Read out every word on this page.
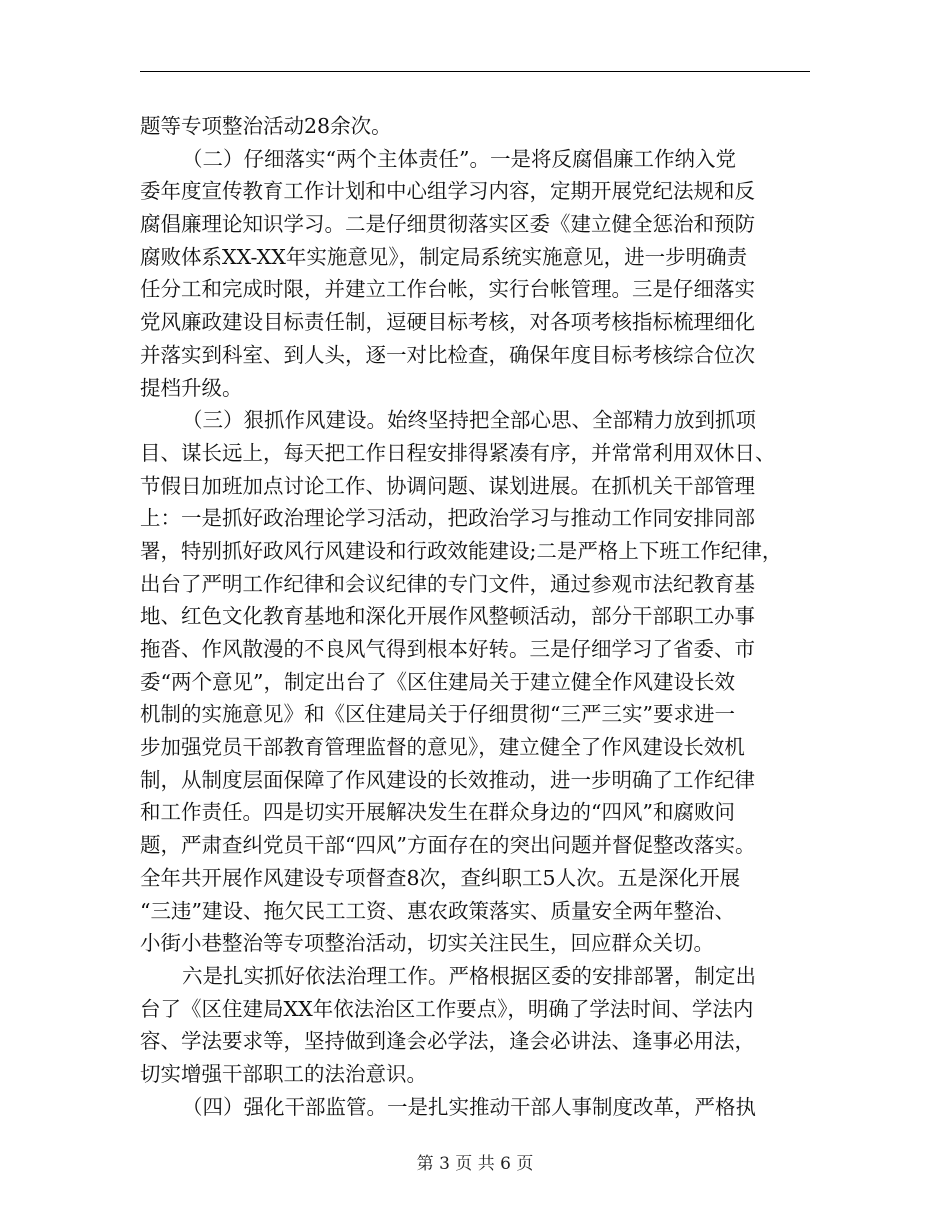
题等专项整治活动28余次。
（二）仔细落实“两个主体责任”。一是将反腐倡廉工作纳入党
委年度宣传教育工作计划和中心组学习内容，定期开展党纪法规和反
腐倡廉理论知识学习。二是仔细贯彻落实区委《建立健全惩治和预防
腐败体系XX-XX年实施意见》，制定局系统实施意见，进一步明确责
任分工和完成时限，并建立工作台帐，实行台帐管理。三是仔细落实
党风廉政建设目标责任制，逗硬目标考核，对各项考核指标梳理细化
并落实到科室、到人头，逐一对比检查，确保年度目标考核综合位次
提档升级。
（三）狠抓作风建设。始终坚持把全部心思、全部精力放到抓项
目、谋长远上，每天把工作日程安排得紧凑有序，并常常利用双休日、
节假日加班加点讨论工作、协调问题、谋划进展。在抓机关干部管理
上：一是抓好政治理论学习活动，把政治学习与推动工作同安排同部
署，特别抓好政风行风建设和行政效能建设;二是严格上下班工作纪律，
出台了严明工作纪律和会议纪律的专门文件，通过参观市法纪教育基
地、红色文化教育基地和深化开展作风整顿活动，部分干部职工办事
拖沓、作风散漫的不良风气得到根本好转。三是仔细学习了省委、市
委“两个意见”，制定出台了《区住建局关于建立健全作风建设长效
机制的实施意见》和《区住建局关于仔细贯彻“三严三实”要求进一
步加强党员干部教育管理监督的意见》，建立健全了作风建设长效机
制，从制度层面保障了作风建设的长效推动，进一步明确了工作纪律
和工作责任。四是切实开展解决发生在群众身边的“四风”和腐败问
题，严肃查纠党员干部“四风”方面存在的突出问题并督促整改落实。
全年共开展作风建设专项督查8次，查纠职工5人次。五是深化开展
“三违”建设、拖欠民工工资、惠农政策落实、质量安全两年整治、
小街小巷整治等专项整治活动，切实关注民生，回应群众关切。
六是扎实抓好依法治理工作。严格根据区委的安排部署，制定出
台了《区住建局XX年依法治区工作要点》，明确了学法时间、学法内
容、学法要求等，坚持做到逢会必学法，逢会必讲法、逢事必用法，
切实增强干部职工的法治意识。
（四）强化干部监管。一是扎实推动干部人事制度改革，严格执
第 3 页 共 6 页
